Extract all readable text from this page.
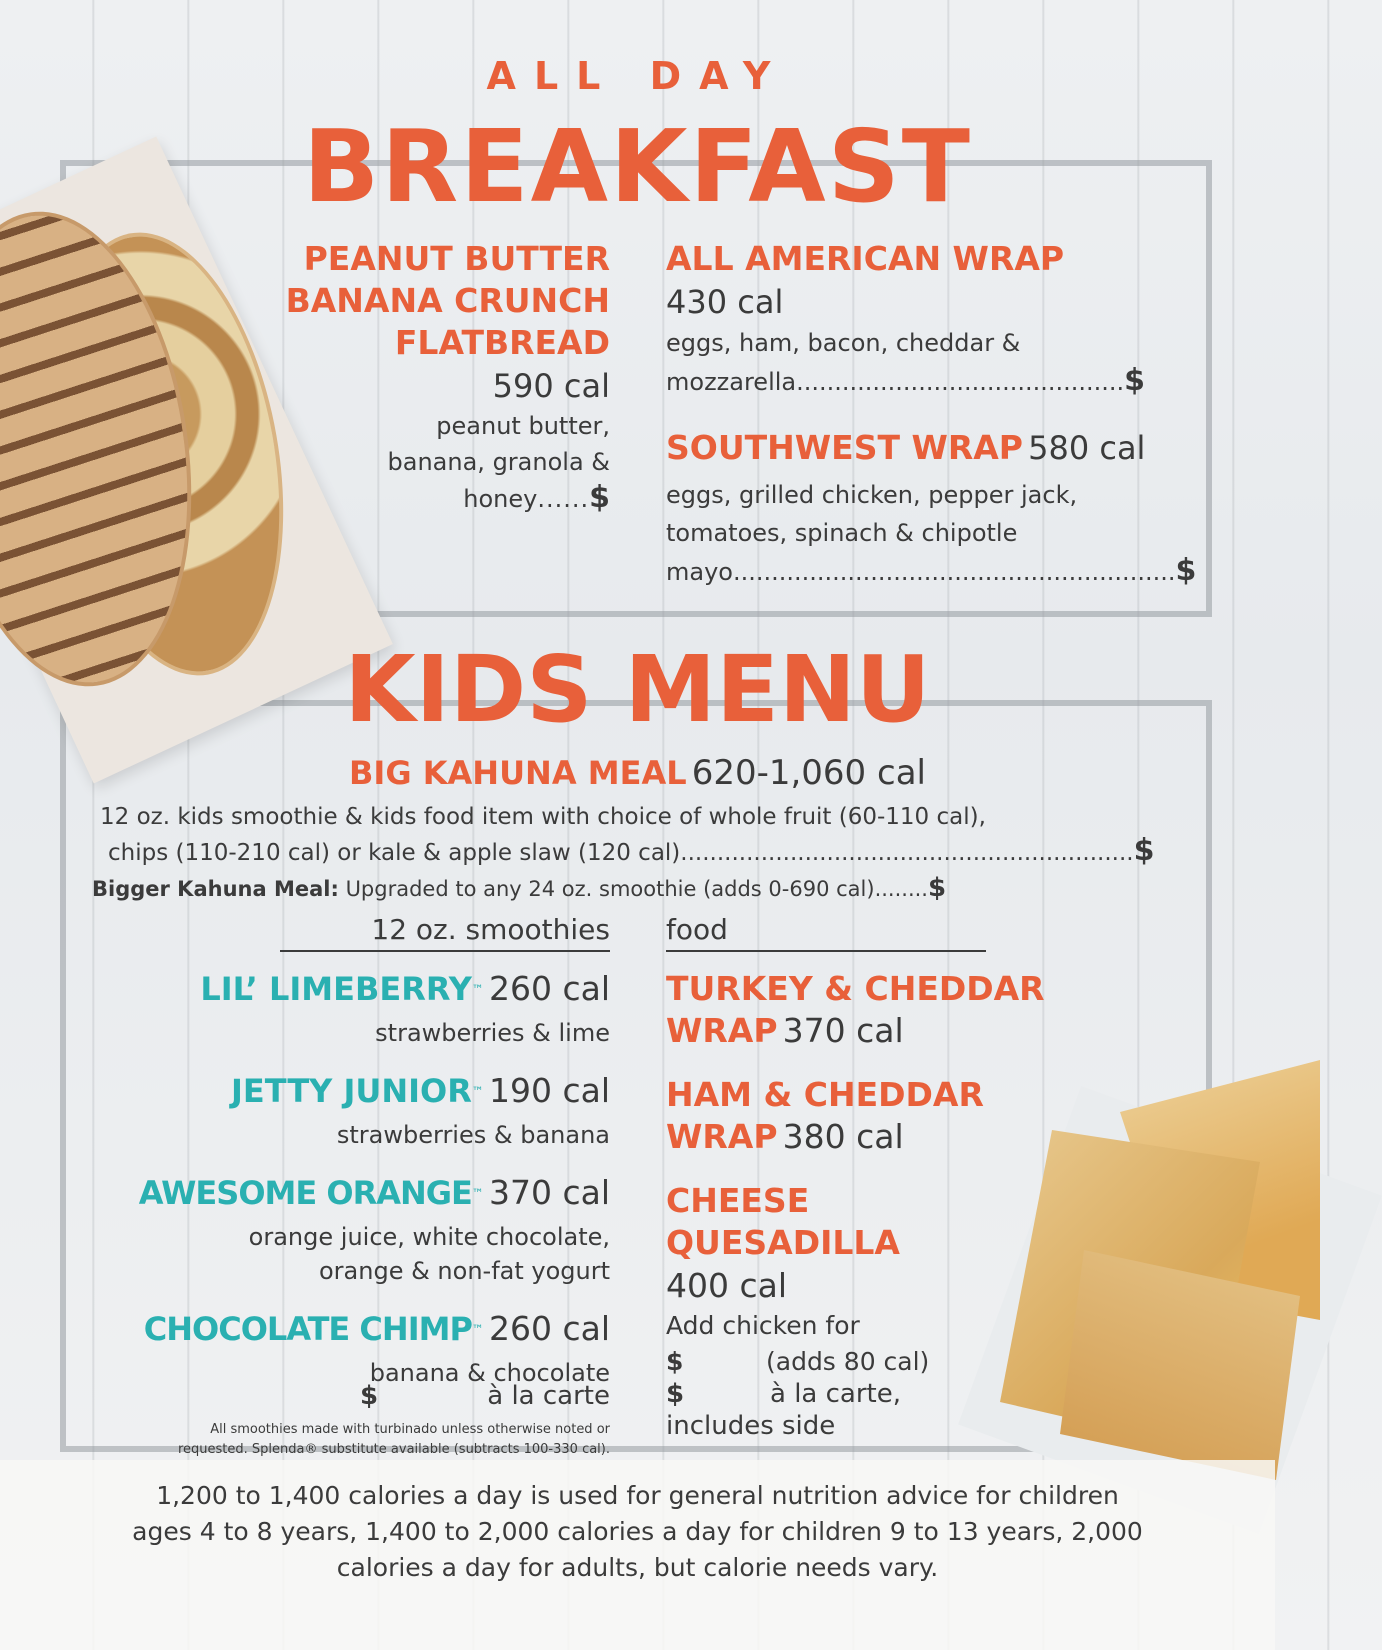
ALL DAY
BREAKFAST
PEANUT BUTTER
BANANA CRUNCH
FLATBREAD
590 cal
peanut butter,
banana, granola &
honey......$
ALL AMERICAN WRAP
430 cal
eggs, ham, bacon, cheddar &
mozzarella ........................................... $
SOUTHWEST WRAP 580 cal
eggs, grilled chicken, pepper jack,
tomatoes, spinach & chipotle
mayo .......................................................... $
KIDS MENU
BIG KAHUNA MEAL 620-1,060 cal
12 oz. kids smoothie & kids food item with choice of whole fruit (60-110 cal),
chips (110-210 cal) or kale & apple slaw (120 cal) .............................................................. $
Bigger Kahuna Meal: Upgraded to any 24 oz. smoothie (adds 0-690 cal)........$
12 oz. smoothies food
LIL’ LIMEBERRY™ 260 cal
strawberries & lime
JETTY JUNIOR™ 190 cal
strawberries & banana
AWESOME ORANGE™ 370 cal
orange juice, white chocolate,
orange & non-fat yogurt
CHOCOLATE CHIMP™ 260 cal
banana & chocolate
$	à la carte
All smoothies made with turbinado unless otherwise noted or
requested. Splenda® substitute available (subtracts 100-330 cal).
TURKEY & CHEDDAR
WRAP 370 cal
HAM & CHEDDAR
WRAP 380 cal
CHEESE
QUESADILLA
400 cal
Add chicken for
$	(adds 80 cal)
$	à la carte,
includes side
1,200 to 1,400 calories a day is used for general nutrition advice for children
ages 4 to 8 years, 1,400 to 2,000 calories a day for children 9 to 13 years, 2,000
calories a day for adults, but calorie needs vary.
